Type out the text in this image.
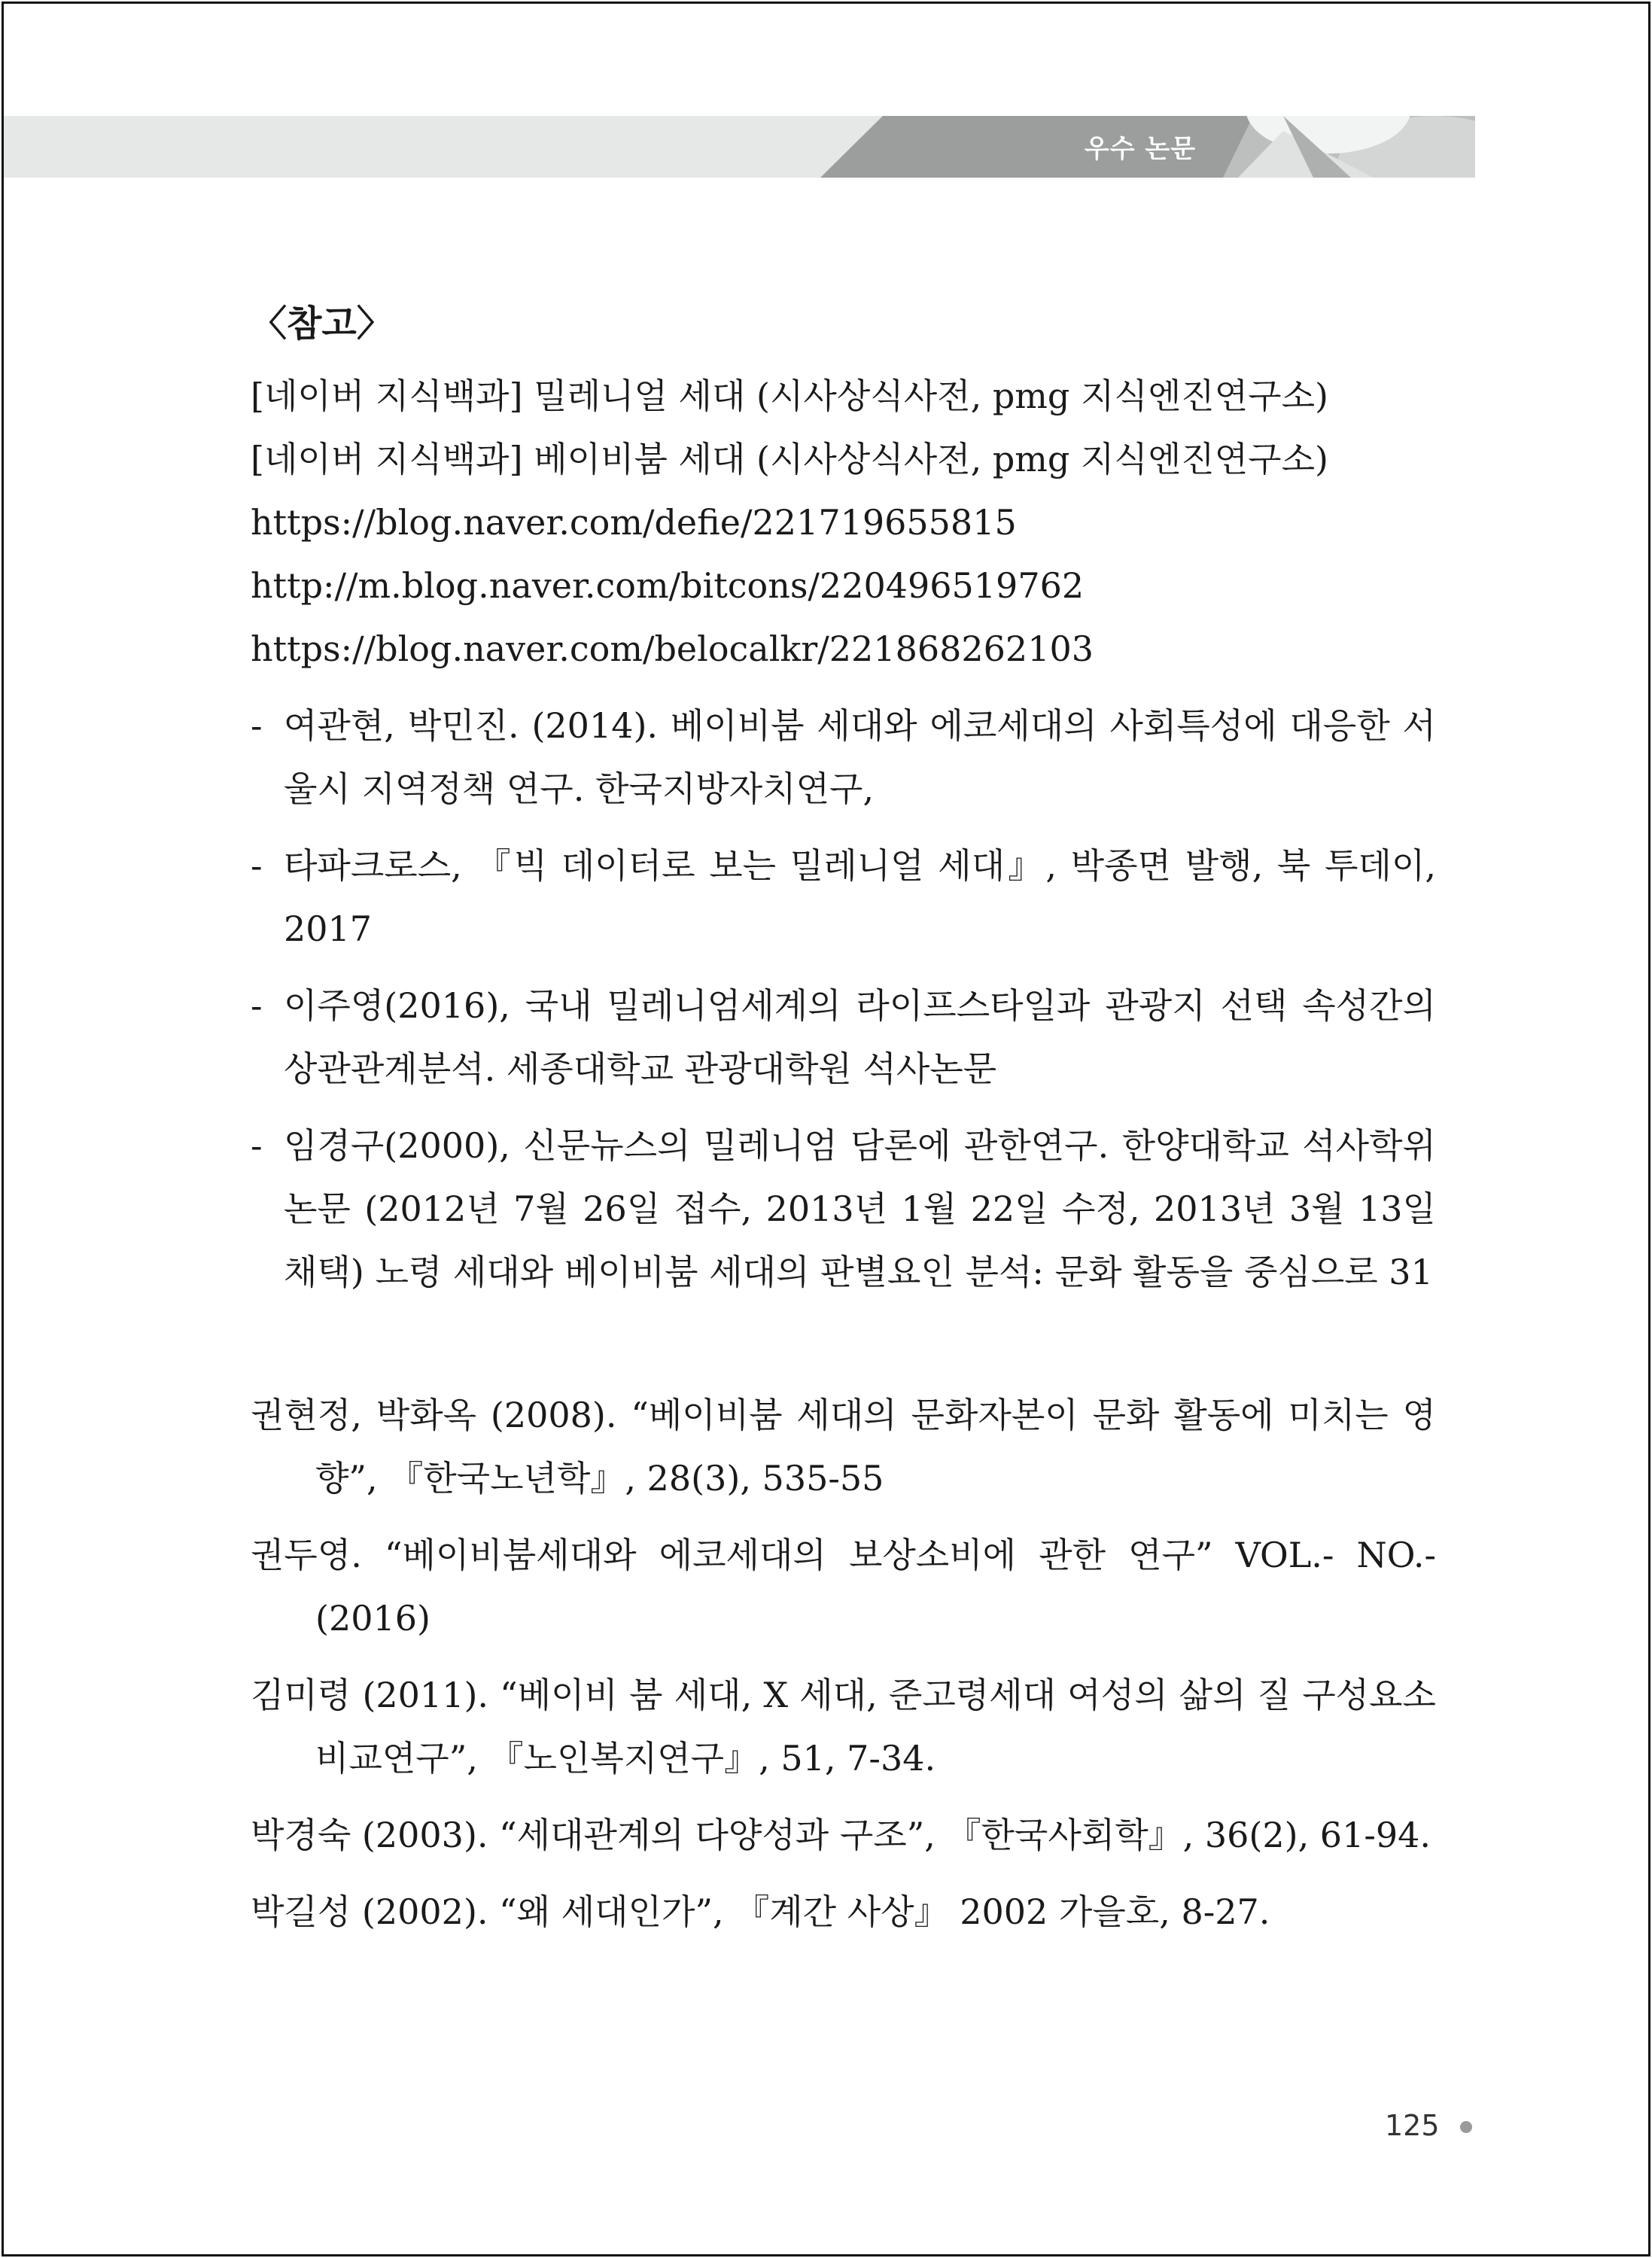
우수 논문

〈참고〉

[네이버 지식백과] 밀레니얼 세대 (시사상식사전, pmg 지식엔진연구소)

[네이버 지식백과] 베이비붐 세대 (시사상식사전, pmg 지식엔진연구소)

https://blog.naver.com/defie/221719655815

http://m.blog.naver.com/bitcons/220496519762

https://blog.naver.com/belocalkr/221868262103

- 여관현, 박민진. (2014). 베이비붐 세대와 에코세대의 사회특성에 대응한 서울시 지역정책 연구. 한국지방자치연구,
- 타파크로스, 『빅 데이터로 보는 밀레니얼 세대』, 박종면 발행, 북 투데이, 2017
- 이주영(2016), 국내 밀레니엄세계의 라이프스타일과 관광지 선택 속성간의 상관관계분석. 세종대학교 관광대학원 석사논문
- 임경구(2000), 신문뉴스의 밀레니엄 담론에 관한연구. 한양대학교 석사학위 논문 (2012년 7월 26일 접수, 2013년 1월 22일 수정, 2013년 3월 13일 채택) 노령 세대와 베이비붐 세대의 판별요인 분석: 문화 활동을 중심으로 31

권현정, 박화옥 (2008). “베이비붐 세대의 문화자본이 문화 활동에 미치는 영향”, 『한국노년학』, 28(3), 535-55

권두영. “베이비붐세대와 에코세대의 보상소비에 관한 연구” VOL.- NO.- (2016)

김미령 (2011). “베이비 붐 세대, X 세대, 준고령세대 여성의 삶의 질 구성요소 비교연구”, 『노인복지연구』, 51, 7-34.

박경숙 (2003). “세대관계의 다양성과 구조”, 『한국사회학』, 36(2), 61-94.

박길성 (2002). “왜 세대인가”, 『계간 사상』 2002 가을호, 8-27.

125
